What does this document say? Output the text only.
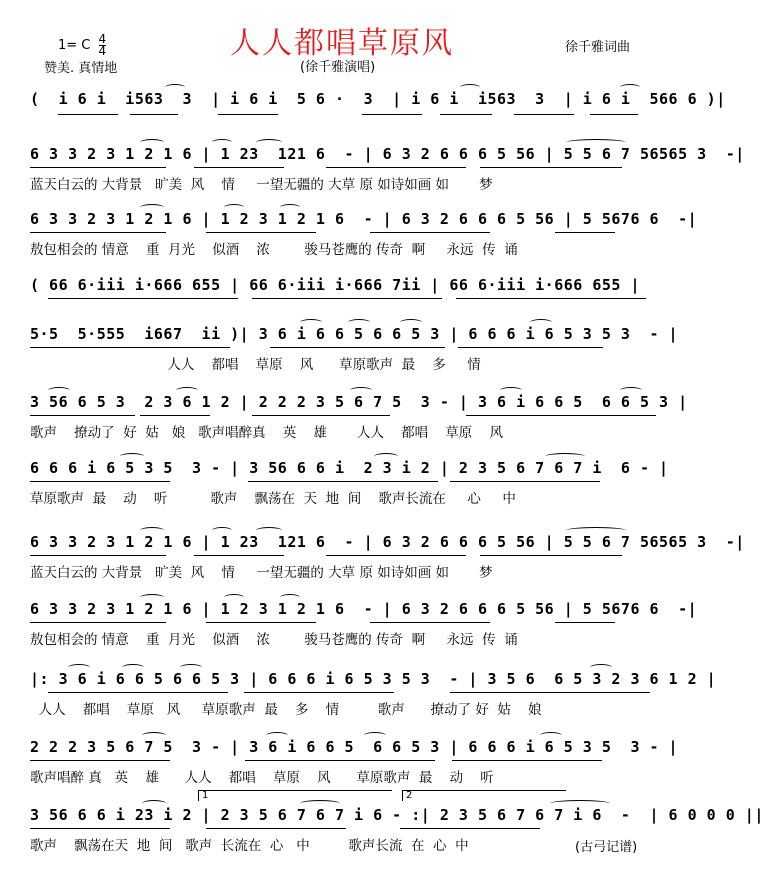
人人都唱草原风
1= C $\frac{4}{4}$
赞美. 真情地	(徐千雅演唱)
徐千雅词曲
(  i 6 i  i563  3  | i 6 i  5 6 ·  3  | i 6 i  i563  3  | i 6 i  566 6 )|
6 3 3 2 3 1 2 1 6 | 1 23  121 6  - | 6 3 2 6 6 6 5 56 | 5 5 6 7 56565 3  -|
蓝天白云的 大背景   旷美  风    情     一望无疆的 大草 原 如诗如画 如       梦
6 3 3 2 3 1 2 1 6 | 1 2 3 1 2 1 6  - | 6 3 2 6 6 6 5 56 | 5 5676 6  -|
敖包相会的 情意    重  月光    似酒    浓        骏马苍鹰的 传奇  啊     永远  传  诵
( 66 6·iii i·666 655 | 66 6·iii i·666 7ii | 66 6·iii i·666 655 |
5·5  5·555  i667  ii )| 3 6 i 6 6 5 6 6 5 3 | 6 6 6 i 6 5 3 5 3  - |
人人    都唱    草原    风      草原歌声  最    多     情
3 56 6 5 3  2 3 6 1 2 | 2 2 2 3 5 6 7 5  3 - | 3 6 i 6 6 5  6 6 5 3 |
歌声    撩动了  好  姑   娘   歌声唱醉真    英    雄       人人    都唱    草原    风
6 6 6 i 6 5 3 5  3 - | 3 56 6 6 i  2 3 i 2 | 2 3 5 6 7 6 7 i  6 - |
草原歌声  最    动    听          歌声    飘荡在  天  地  间    歌声长流在     心     中
6 3 3 2 3 1 2 1 6 | 1 23  121 6  - | 6 3 2 6 6 6 5 56 | 5 5 6 7 56565 3  -|
蓝天白云的 大背景   旷美  风    情     一望无疆的 大草 原 如诗如画 如       梦
6 3 3 2 3 1 2 1 6 | 1 2 3 1 2 1 6  - | 6 3 2 6 6 6 5 56 | 5 5676 6  -|
敖包相会的 情意    重  月光    似酒    浓        骏马苍鹰的 传奇  啊     永远  传  诵
|: 3 6 i 6 6 5 6 6 5 3 | 6 6 6 i 6 5 3 5 3  - | 3 5 6  6 5 3 2 3 6 1 2 |
人人    都唱    草原   风     草原歌声  最    多    情         歌声      撩动了 好  姑    娘
2 2 2 3 5 6 7 5  3 - | 3 6 i 6 6 5  6 6 5 3 | 6 6 6 i 6 5 3 5  3 - |
歌声唱醉 真   英    雄      人人    都唱    草原    风      草原歌声  最    动    听
1	2
3 56 6 6 i 23 i 2 | 2 3 5 6 7 6 7 i 6 - :| 2 3 5 6 7 6 7 i 6  -  | 6 0 0 0 ||
歌声    飘荡在天  地  间   歌声  长流在  心   中         歌声长流  在  心  中	(古弓记谱)
